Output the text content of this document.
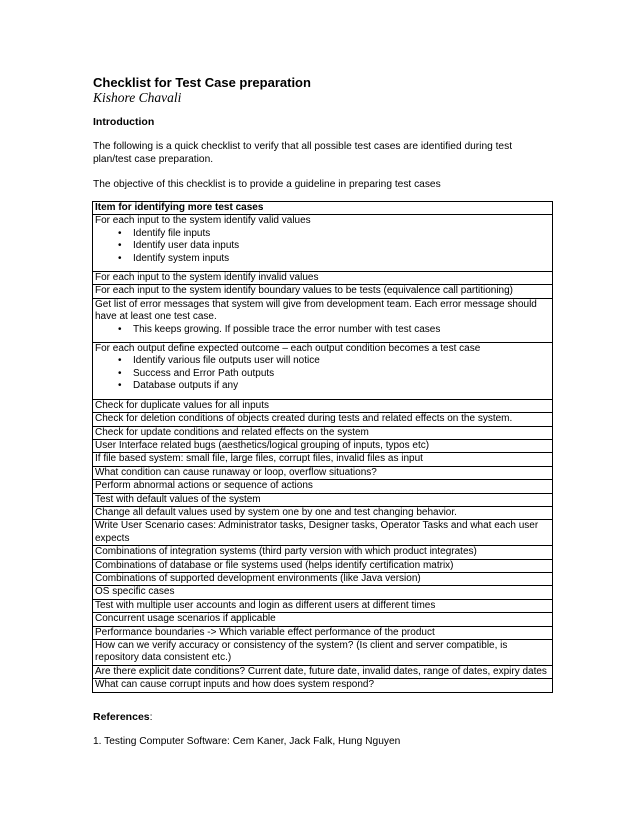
Checklist for Test Case preparation
Kishore Chavali
Introduction
The following is a quick checklist to verify that all possible test cases are identified during test plan/test case preparation.
The objective of this checklist is to provide a guideline in preparing test cases
Item for identifying more test cases

For each input to the system identify valid values
• Identify file inputs
• Identify user data inputs
• Identify system inputs

For each input to the system identify invalid values

For each input to the system identify boundary values to be tests (equivalence call partitioning)

Get list of error messages that system will give from development team. Each error message should have at least one test case.
• This keeps growing. If possible trace the error number with test cases

For each output define expected outcome – each output condition becomes a test case
• Identify various file outputs user will notice
• Success and Error Path outputs
• Database outputs if any

Check for duplicate values for all inputs

Check for deletion conditions of objects created during tests and related effects on the system.

Check for update conditions and related effects on the system

User Interface related bugs (aesthetics/logical grouping of inputs, typos etc)

If file based system: small file, large files, corrupt files, invalid files as input

What condition can cause runaway or loop, overflow situations?

Perform abnormal actions or sequence of actions

Test with default values of the system

Change all default values used by system one by one and test changing behavior.

Write User Scenario cases: Administrator tasks, Designer tasks, Operator Tasks and what each user expects

Combinations of integration systems (third party version with which product integrates)

Combinations of database or file systems used (helps identify certification matrix)

Combinations of supported development environments (like Java version)

OS specific cases

Test with multiple user accounts and login as different users at different times

Concurrent usage scenarios if applicable

Performance boundaries -> Which variable effect performance of the product

How can we verify accuracy or consistency of the system? (Is client and server compatible, is repository data consistent etc.)

Are there explicit date conditions? Current date, future date, invalid dates, range of dates, expiry dates

What can cause corrupt inputs and how does system respond?
References:
1. Testing Computer Software: Cem Kaner, Jack Falk, Hung Nguyen
